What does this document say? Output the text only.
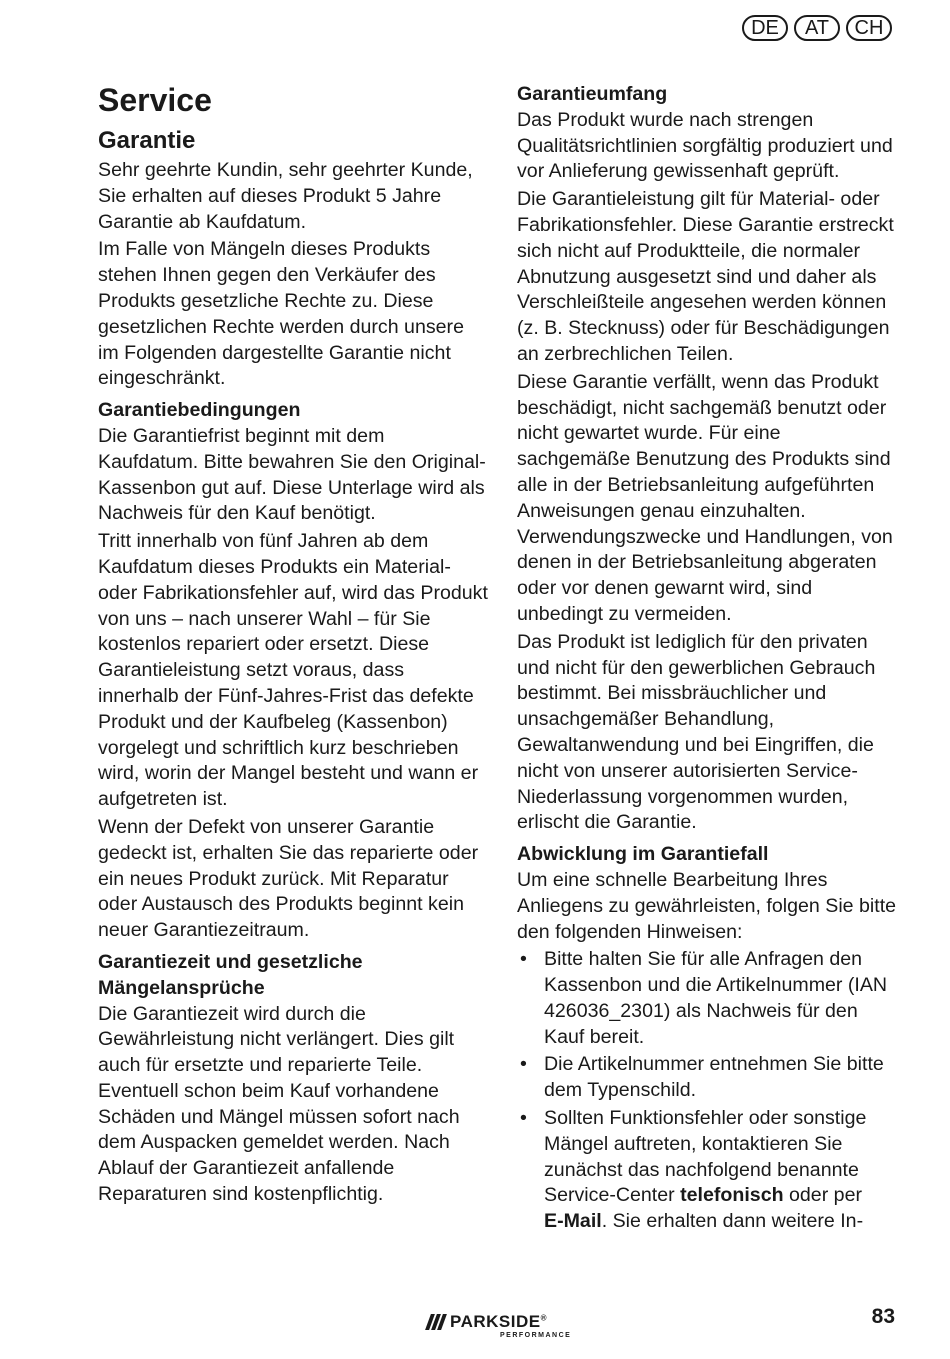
DE	AT	CH
Service
Garantie

Sehr geehrte Kundin, sehr geehrter Kunde, Sie erhalten auf dieses Produkt 5 Jahre Garantie ab Kaufdatum.

Im Falle von Mängeln dieses Produkts stehen Ihnen gegen den Verkäufer des Produkts gesetzliche Rechte zu. Diese gesetzlichen Rechte werden durch unsere im Folgenden dargestellte Garantie nicht eingeschränkt.

Garantiebedingungen

Die Garantiefrist beginnt mit dem Kaufdatum. Bitte bewahren Sie den Original-Kassenbon gut auf. Diese Unterlage wird als Nachweis für den Kauf benötigt.

Tritt innerhalb von fünf Jahren ab dem Kaufdatum dieses Produkts ein Material- oder Fabrikationsfehler auf, wird das Produkt von uns – nach unserer Wahl – für Sie kostenlos repariert oder ersetzt. Diese Garantieleistung setzt voraus, dass innerhalb der Fünf-Jahres-Frist das defekte Produkt und der Kaufbeleg (Kassenbon) vorgelegt und schriftlich kurz beschrieben wird, worin der Mangel besteht und wann er aufgetreten ist.

Wenn der Defekt von unserer Garantie gedeckt ist, erhalten Sie das reparierte oder ein neues Produkt zurück. Mit Reparatur oder Austausch des Produkts beginnt kein neuer Garantiezeitraum.

Garantiezeit und gesetzliche Mängelansprüche

Die Garantiezeit wird durch die Gewährleistung nicht verlängert. Dies gilt auch für ersetzte und reparierte Teile. Eventuell schon beim Kauf vorhandene Schäden und Mängel müssen sofort nach dem Auspacken gemeldet werden. Nach Ablauf der Garantiezeit anfallende Reparaturen sind kostenpflichtig.

Garantieumfang

Das Produkt wurde nach strengen Qualitätsrichtlinien sorgfältig produziert und vor Anlieferung gewissenhaft geprüft.

Die Garantieleistung gilt für Material- oder Fabrikationsfehler. Diese Garantie erstreckt sich nicht auf Produktteile, die normaler Abnutzung ausgesetzt sind und daher als Verschleißteile angesehen werden können (z. B. Stecknuss) oder für Beschädigungen an zerbrechlichen Teilen.

Diese Garantie verfällt, wenn das Produkt beschädigt, nicht sachgemäß benutzt oder nicht gewartet wurde. Für eine sachgemäße Benutzung des Produkts sind alle in der Betriebsanleitung aufgeführten Anweisungen genau einzuhalten. Verwendungszwecke und Handlungen, von denen in der Betriebsanleitung abgeraten oder vor denen gewarnt wird, sind unbedingt zu vermeiden.

Das Produkt ist lediglich für den privaten und nicht für den gewerblichen Gebrauch bestimmt. Bei missbräuchlicher und unsachgemäßer Behandlung, Gewaltanwendung und bei Eingriffen, die nicht von unserer autorisierten Service-Niederlassung vorgenommen wurden, erlischt die Garantie.

Abwicklung im Garantiefall

Um eine schnelle Bearbeitung Ihres Anliegens zu gewährleisten, folgen Sie bitte den folgenden Hinweisen:

• Bitte halten Sie für alle Anfragen den Kassenbon und die Artikelnummer (IAN 426036_2301) als Nachweis für den Kauf bereit.
• Die Artikelnummer entnehmen Sie bitte dem Typenschild.
• Sollten Funktionsfehler oder sonstige Mängel auftreten, kontaktieren Sie zunächst das nachfolgend benannte Service-Center telefonisch oder per
E-Mail. Sie erhalten dann weitere In-
PARKSIDE®
PERFORMANCE
83
